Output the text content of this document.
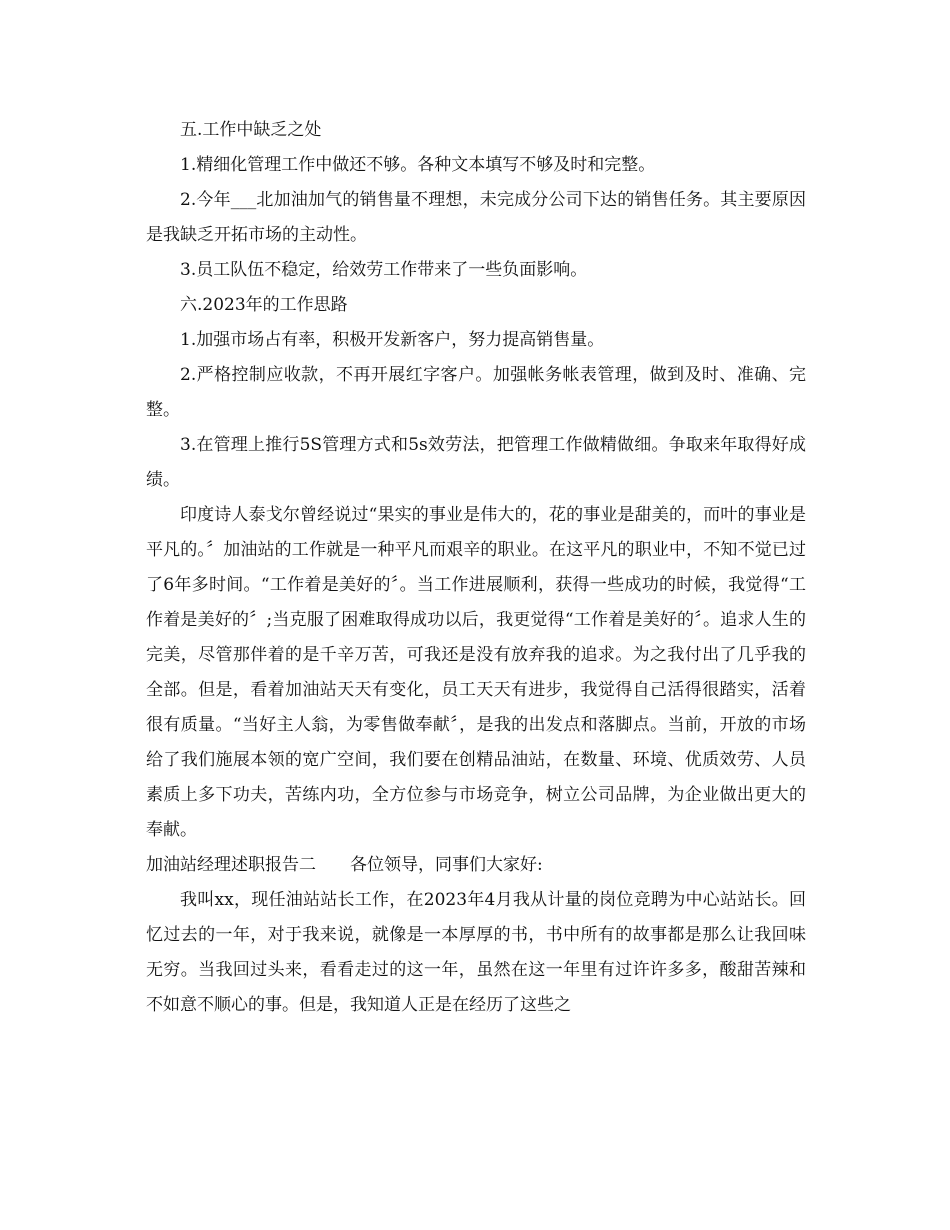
五.工作中缺乏之处

1.精细化管理工作中做还不够。各种文本填写不够及时和完整。

2.今年___北加油加气的销售量不理想，未完成分公司下达的销售任务。其主要原因是我缺乏开拓市场的主动性。

3.员工队伍不稳定，给效劳工作带来了一些负面影响。

六.2023年的工作思路

1.加强市场占有率，积极开发新客户，努力提高销售量。

2.严格控制应收款，不再开展红字客户。加强帐务帐表管理，做到及时、准确、完整。

3.在管理上推行5S管理方式和5s效劳法，把管理工作做精做细。争取来年取得好成绩。

印度诗人泰戈尔曾经说过“果实的事业是伟大的，花的事业是甜美的，而叶的事业是平凡的。〞加油站的工作就是一种平凡而艰辛的职业。在这平凡的职业中，不知不觉已过了6年多时间。“工作着是美好的〞。当工作进展顺利，获得一些成功的时候，我觉得“工作着是美好的〞;当克服了困难取得成功以后，我更觉得“工作着是美好的〞。追求人生的完美，尽管那伴着的是千辛万苦，可我还是没有放弃我的追求。为之我付出了几乎我的全部。但是，看着加油站天天有变化，员工天天有进步，我觉得自己活得很踏实，活着很有质量。“当好主人翁，为零售做奉献〞，是我的出发点和落脚点。当前，开放的市场给了我们施展本领的宽广空间，我们要在创精品油站，在数量、环境、优质效劳、人员素质上多下功夫，苦练内功，全方位参与市场竞争，树立公司品牌，为企业做出更大的奉献。

加油站经理述职报告二　　各位领导，同事们大家好:

我叫xx，现任油站站长工作，在2023年4月我从计量的岗位竞聘为中心站站长。回忆过去的一年，对于我来说，就像是一本厚厚的书，书中所有的故事都是那么让我回味无穷。当我回过头来，看看走过的这一年，虽然在这一年里有过许许多多，酸甜苦辣和不如意不顺心的事。但是，我知道人正是在经历了这些之
